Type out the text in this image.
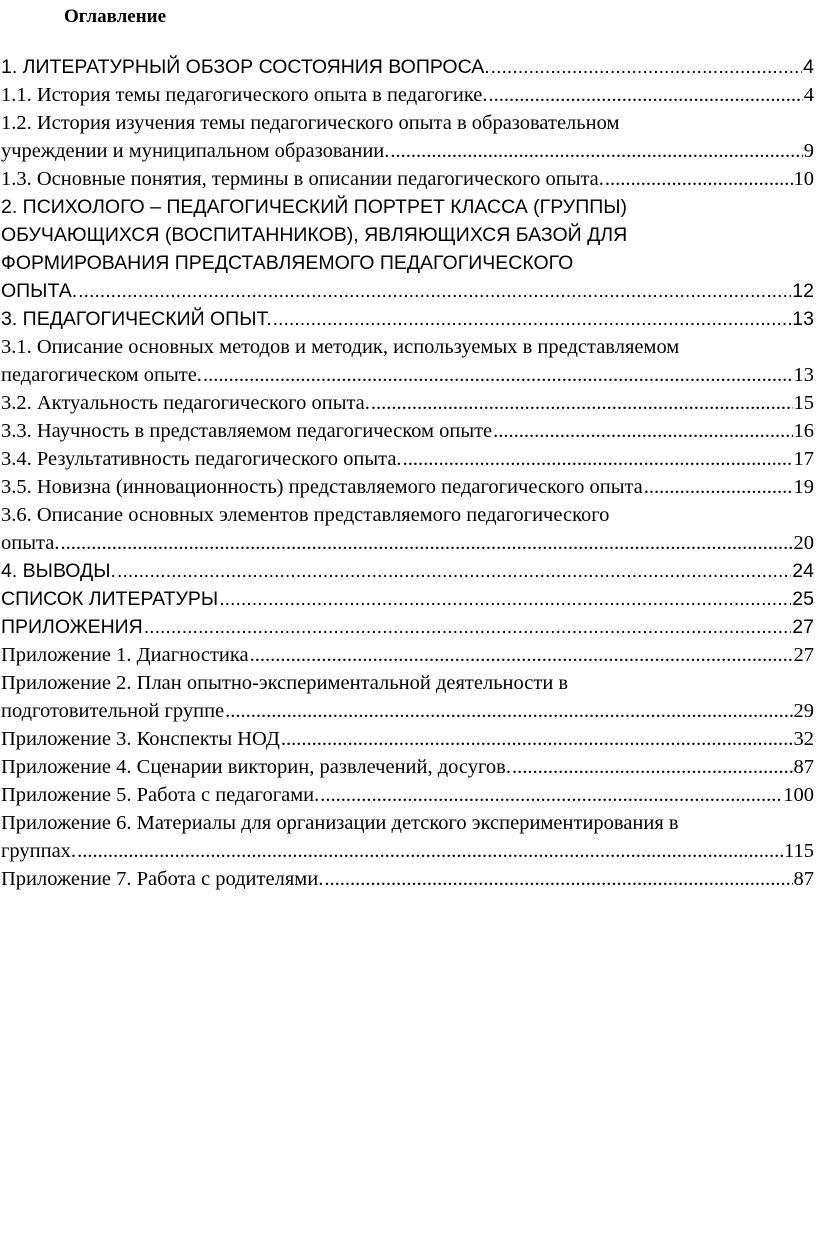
Оглавление
1. ЛИТЕРАТУРНЫЙ ОБЗОР СОСТОЯНИЯ ВОПРОСА. .....	4
1.1. История темы педагогического опыта в педагогике. .....	4
1.2. История изучения темы педагогического опыта в образовательном
учреждении и муниципальном образовании. .....	9
1.3. Основные понятия, термины в описании педагогического опыта. .....	10
2. ПСИХОЛОГО – ПЕДАГОГИЧЕСКИЙ ПОРТРЕТ КЛАССА (ГРУППЫ)
ОБУЧАЮЩИХСЯ (ВОСПИТАННИКОВ), ЯВЛЯЮЩИХСЯ БАЗОЙ ДЛЯ
ФОРМИРОВАНИЯ ПРЕДСТАВЛЯЕМОГО ПЕДАГОГИЧЕСКОГО
ОПЫТА. .....	12
3. ПЕДАГОГИЧЕСКИЙ ОПЫТ. .....	13
3.1. Описание основных методов и методик, используемых в представляемом
педагогическом опыте. .....	13
3.2. Актуальность педагогического опыта. .....	15
3.3. Научность в представляемом педагогическом опыте .....	16
3.4. Результативность педагогического опыта. .....	17
3.5. Новизна (инновационность) представляемого педагогического опыта .....	19
3.6. Описание основных элементов представляемого педагогического
опыта. .....	20
4. ВЫВОДЫ. .....	24
СПИСОК ЛИТЕРАТУРЫ .....	25
ПРИЛОЖЕНИЯ .....	27
Приложение 1. Диагностика .....	27
Приложение 2. План опытно-экспериментальной деятельности в
подготовительной группе .....	29
Приложение 3. Конспекты НОД .....	32
Приложение 4. Сценарии викторин, развлечений, досугов. .....	87
Приложение 5. Работа с педагогами. .....	100
Приложение 6. Материалы для организации детского экспериментирования в
группах. .....	115
Приложение 7. Работа с родителями. .....	87
